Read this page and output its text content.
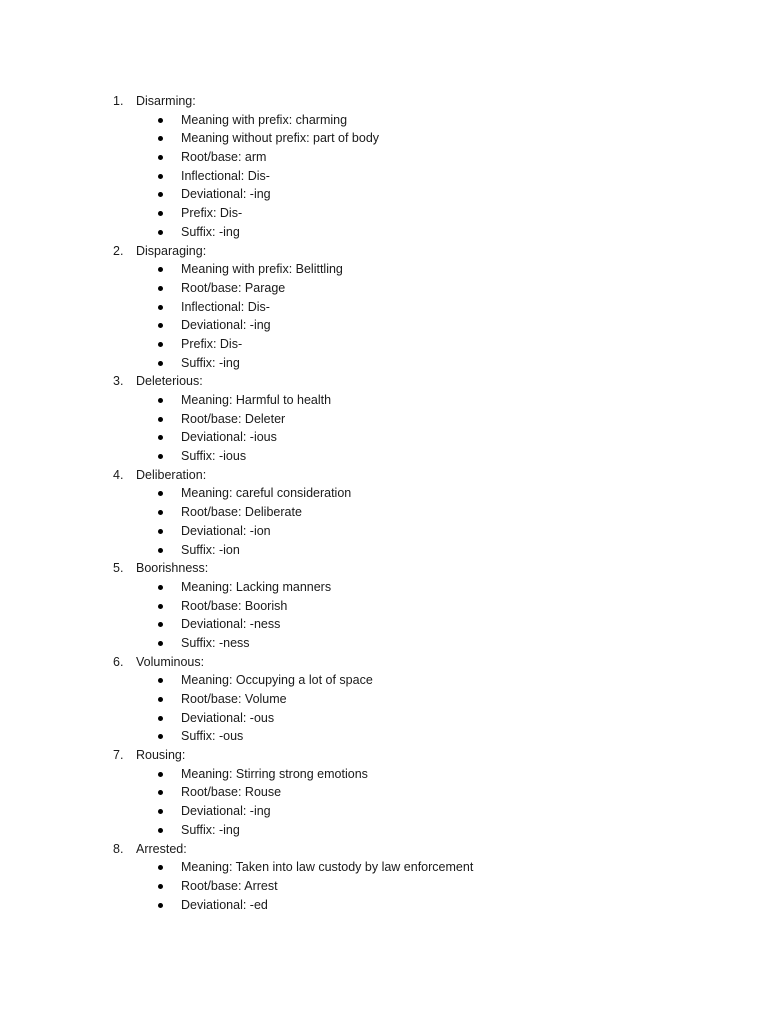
1. Disarming:
Meaning with prefix: charming
Meaning without prefix: part of body
Root/base: arm
Inflectional: Dis-
Deviational: -ing
Prefix: Dis-
Suffix: -ing
2. Disparaging:
Meaning with prefix: Belittling
Root/base: Parage
Inflectional: Dis-
Deviational: -ing
Prefix: Dis-
Suffix: -ing
3. Deleterious:
Meaning: Harmful to health
Root/base: Deleter
Deviational: -ious
Suffix: -ious
4. Deliberation:
Meaning: careful consideration
Root/base: Deliberate
Deviational: -ion
Suffix: -ion
5. Boorishness:
Meaning: Lacking manners
Root/base: Boorish
Deviational: -ness
Suffix: -ness
6. Voluminous:
Meaning: Occupying a lot of space
Root/base: Volume
Deviational: -ous
Suffix: -ous
7. Rousing:
Meaning: Stirring strong emotions
Root/base: Rouse
Deviational: -ing
Suffix: -ing
8. Arrested:
Meaning: Taken into law custody by law enforcement
Root/base: Arrest
Deviational: -ed
